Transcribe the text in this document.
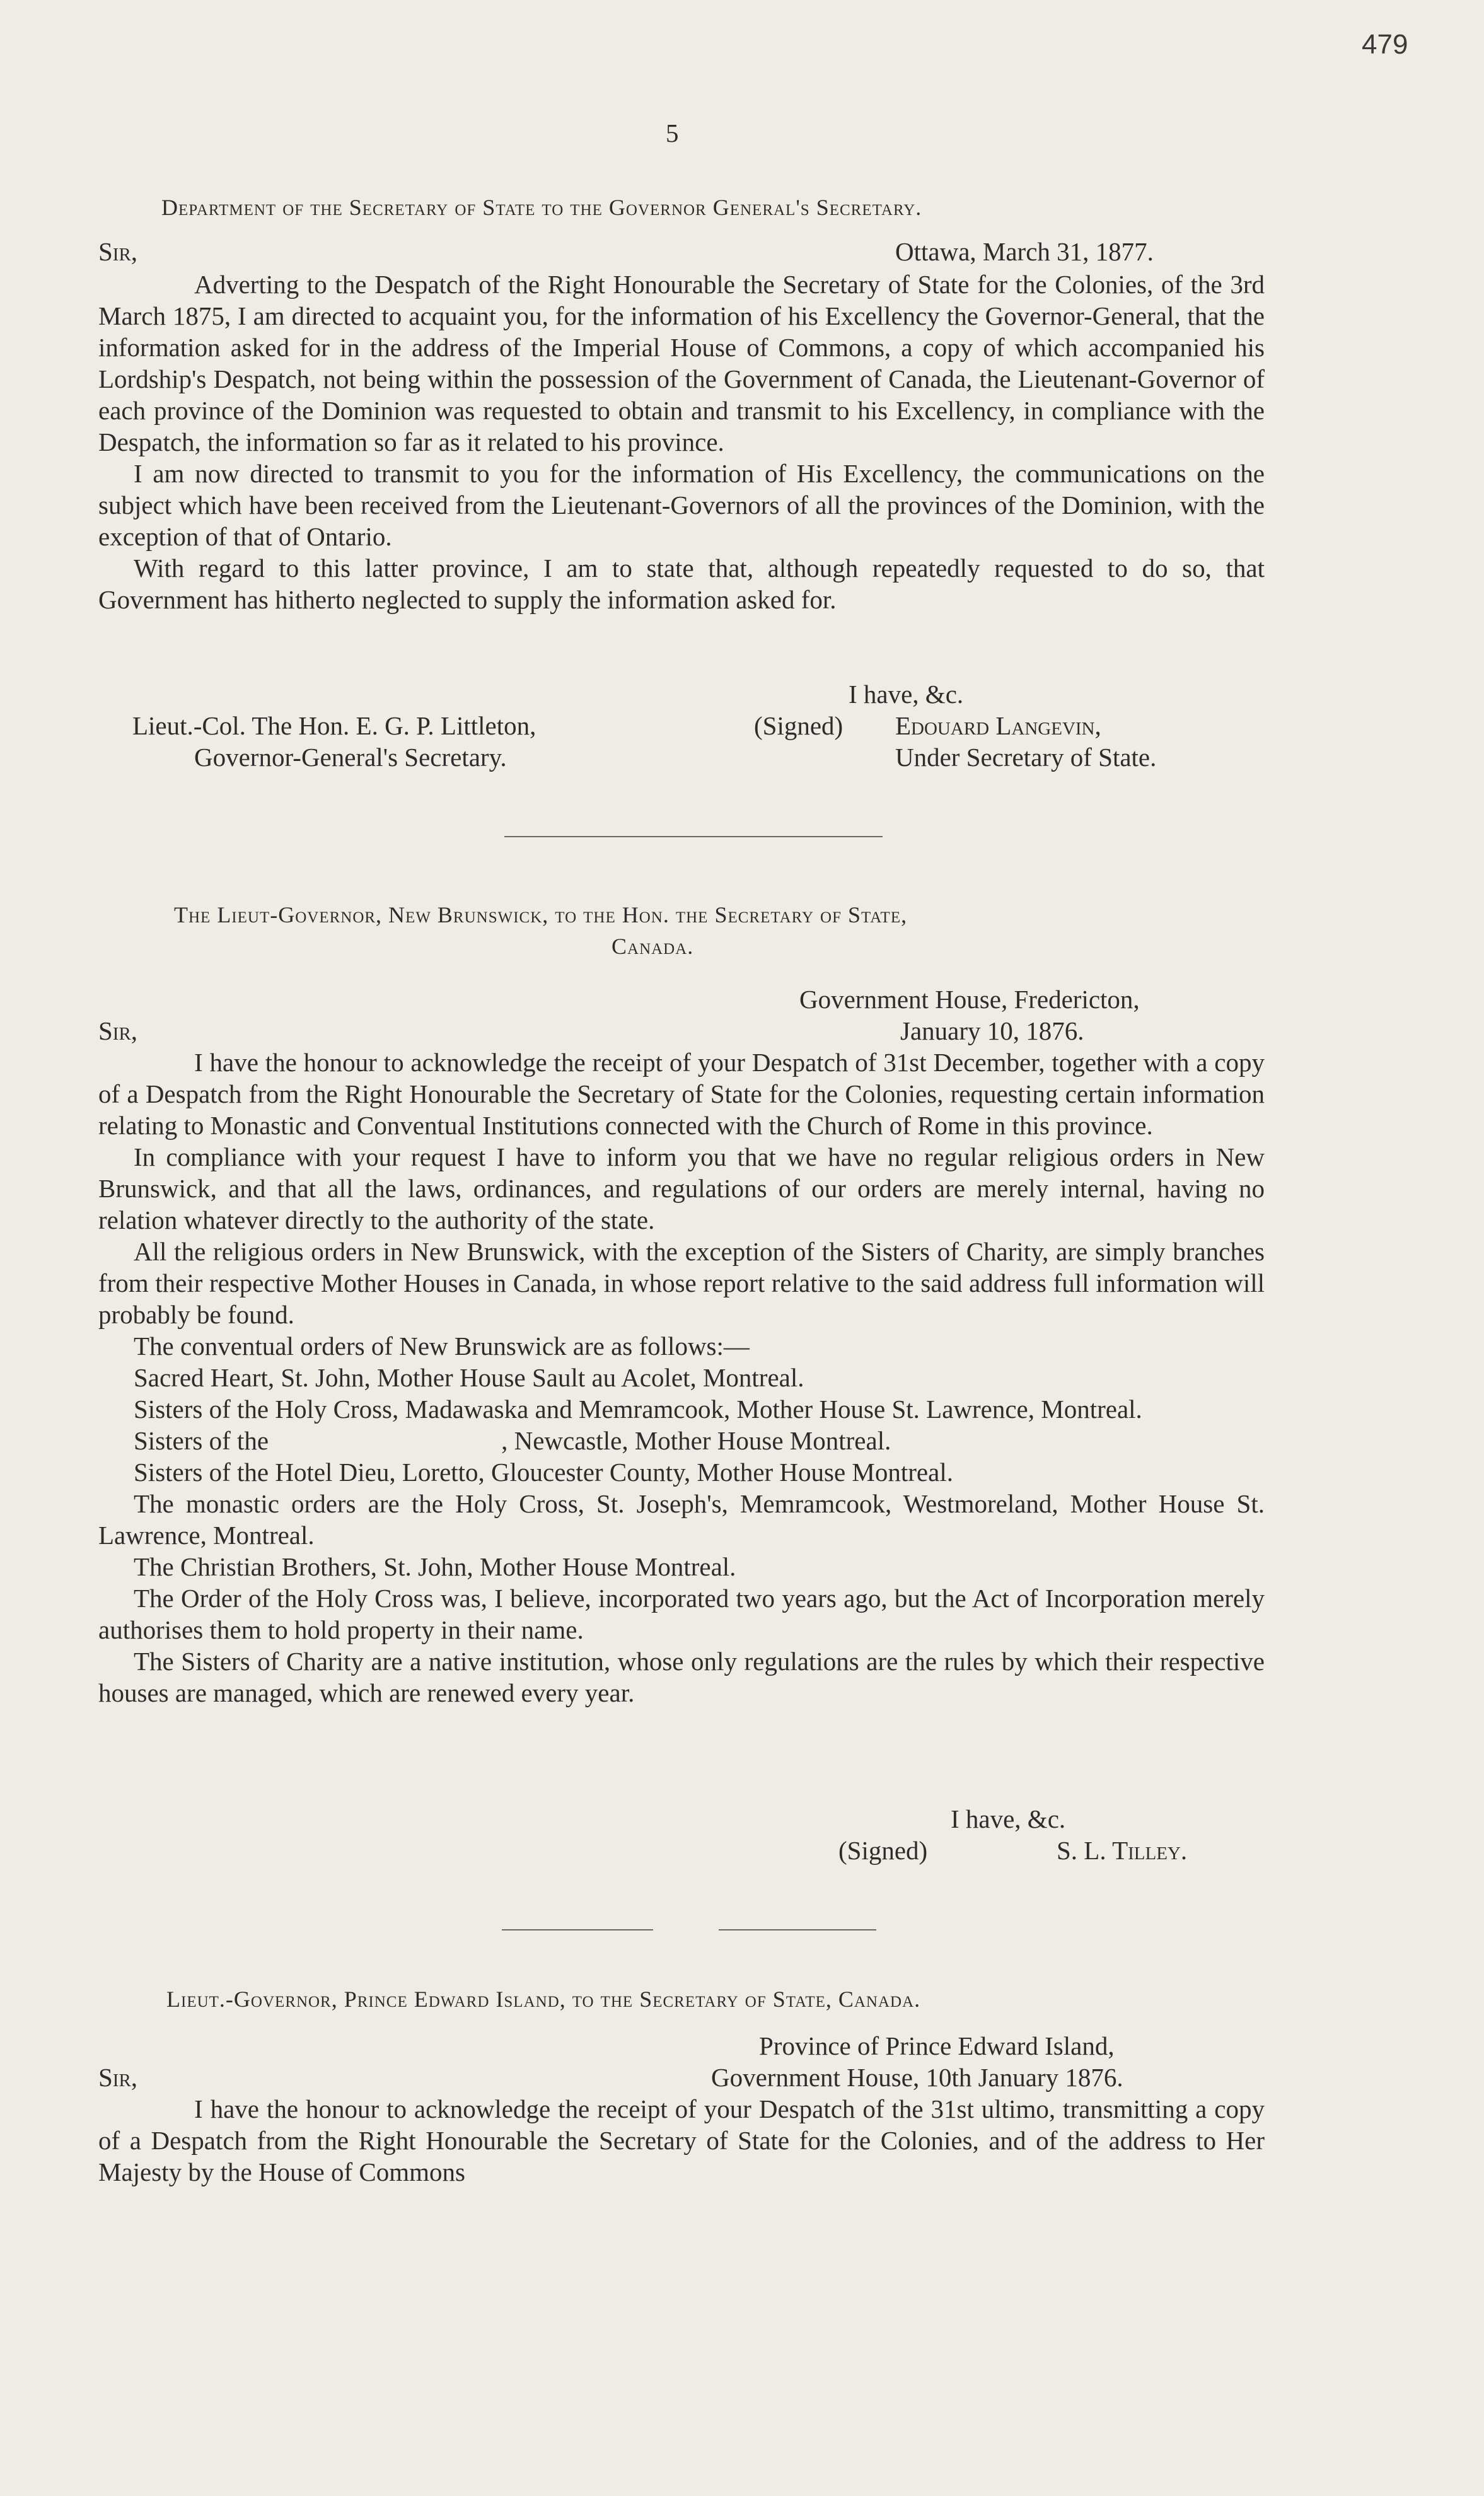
479
5
Department of the Secretary of State to the Governor General's Secretary.
Sir,	Ottawa, March 31, 1877.

Adverting to the Despatch of the Right Honourable the Secretary of State for the Colonies, of the 3rd March 1875, I am directed to acquaint you, for the information of his Excellency the Governor-General, that the information asked for in the address of the Imperial House of Commons, a copy of which accompanied his Lordship's Despatch, not being within the possession of the Government of Canada, the Lieutenant-Governor of each province of the Dominion was requested to obtain and transmit to his Excellency, in compliance with the Despatch, the information so far as it related to his province.

I am now directed to transmit to you for the information of His Excellency, the communications on the subject which have been received from the Lieutenant-Governors of all the provinces of the Dominion, with the exception of that of Ontario.

With regard to this latter province, I am to state that, although repeatedly requested to do so, that Government has hitherto neglected to supply the information asked for.

I have, &c.
Lieut.-Col. The Hon. E. G. P. Littleton,	(Signed) Edouard Langevin,
Governor-General's Secretary.	Under Secretary of State.
The Lieut-Governor, New Brunswick, to the Hon. the Secretary of State,
Canada.
Government House, Fredericton,
Sir,	January 10, 1876.

I have the honour to acknowledge the receipt of your Despatch of 31st December, together with a copy of a Despatch from the Right Honourable the Secretary of State for the Colonies, requesting certain information relating to Monastic and Conventual Institutions connected with the Church of Rome in this province.

In compliance with your request I have to inform you that we have no regular religious orders in New Brunswick, and that all the laws, ordinances, and regulations of our orders are merely internal, having no relation whatever directly to the authority of the state.

All the religious orders in New Brunswick, with the exception of the Sisters of Charity, are simply branches from their respective Mother Houses in Canada, in whose report relative to the said address full information will probably be found.

The conventual orders of New Brunswick are as follows:—

Sacred Heart, St. John, Mother House Sault au Acolet, Montreal.

Sisters of the Holy Cross, Madawaska and Memramcook, Mother House St. Lawrence, Montreal.

Sisters of the                                    , Newcastle, Mother House Montreal.

Sisters of the Hotel Dieu, Loretto, Gloucester County, Mother House Montreal.

The monastic orders are the Holy Cross, St. Joseph's, Memramcook, Westmoreland, Mother House St. Lawrence, Montreal.

The Christian Brothers, St. John, Mother House Montreal.

The Order of the Holy Cross was, I believe, incorporated two years ago, but the Act of Incorporation merely authorises them to hold property in their name.

The Sisters of Charity are a native institution, whose only regulations are the rules by which their respective houses are managed, which are renewed every year.

I have, &c.
(Signed)	S. L. Tilley.
Lieut.-Governor, Prince Edward Island, to the Secretary of State, Canada.
Province of Prince Edward Island,
Sir,	Government House, 10th January 1876.

I have the honour to acknowledge the receipt of your Despatch of the 31st ultimo, transmitting a copy of a Despatch from the Right Honourable the Secretary of State for the Colonies, and of the address to Her Majesty by the House of Commons
